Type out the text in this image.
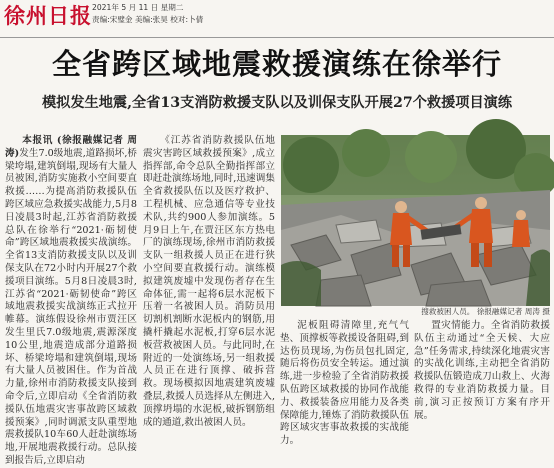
徐州日报 2021年 5 月 11 日 星期二
责编:宋璧金 美编:张昊 校对:卜倩
全省跨区域地震救援演练在徐举行
模拟发生地震,全省13支消防救援支队以及训保支队开展27个救援项目演练

本报讯 (徐报融媒记者 周涛)发生7.0级地震,道路损坏,桥梁垮塌,建筑倒塌,现场有大量人员被困,消防实施救小空间要直救援……为提高消防救援队伍跨区域应急救援实战能力,5月8日凌晨3时起,江苏省消防救援总队在徐举行“2021·砺韧使命”跨区域地震救援实战演练。全省13支消防救援支队以及训保支队在72小时内开展27个救援项目演练。5月8日凌晨3时,江苏省“2021·砺韧使命”跨区域地震救援实战演练正式拉开帷幕。演练假设徐州市贾汪区发生里氏7.0级地震,震源深度10公里,地震造成部分道路损坏、桥梁垮塌和建筑倒塌,现场有大量人员被困住。作为首战力量,徐州市消防救援支队接到命令后,立即启动《全省消防救援队伍地震灾害事故跨区域救援预案》,同时调派支队重型地震救援队10车60人赶赴演练场地,开展地震救援行动。总队接到报告后,立即启动

《江苏省消防救援队伍地震灾害跨区域救援预案》,成立指挥部,命令总队全勤指挥部立即赶赴演练场地,同时,迅速调集全省救援队伍以及医疗救护、工程机械、应急通信等专业技术队,共约900人参加演练。5月9日上午,在贾汪区东方热电厂的演练现场,徐州市消防救援支队一组救援人员正在进行狭小空间要直救援行动。演练模拟建筑废墟中发现伤者存在生命体征,需一起将6层水泥板下压着一名被困人员。消防员用切割机割断水泥板内的钢筋,用撬杆撬起水泥板,打穿6层水泥板营救被困人员。与此同时,在附近的一处演练场,另一组救援人员正在进行顶撑、破拆营救。现场模拟因地震建筑废墟叠层,救援人员选择从左侧进入,顶撑坍塌的水泥板,破拆钢筋组成的通道,救出被困人员。

搜救被困人员。 徐报融媒记者 周涛 摄

泥板阻碍清障里,充气气垫、顶撑板等救援设备阻碍,到达伤员现场,为伤员包扎固定,随后将伤员安全转运。通过演练,进一步检验了全省消防救援队伍跨区域救援的协同作战能力、救援装备应用能力及各类保障能力,锤炼了消防救援队伍跨区域灾害事故救援的实战能力。

置灾情能力。全省消防救援队伍主动通过“全天候、大应急”任务需求,持续深化地震灾害的实战化训练,主动把全省消防救援队伍锻造成刀山救上、火海救得的专业消防救援力量。目前,演习正按预订方案有序开展。
